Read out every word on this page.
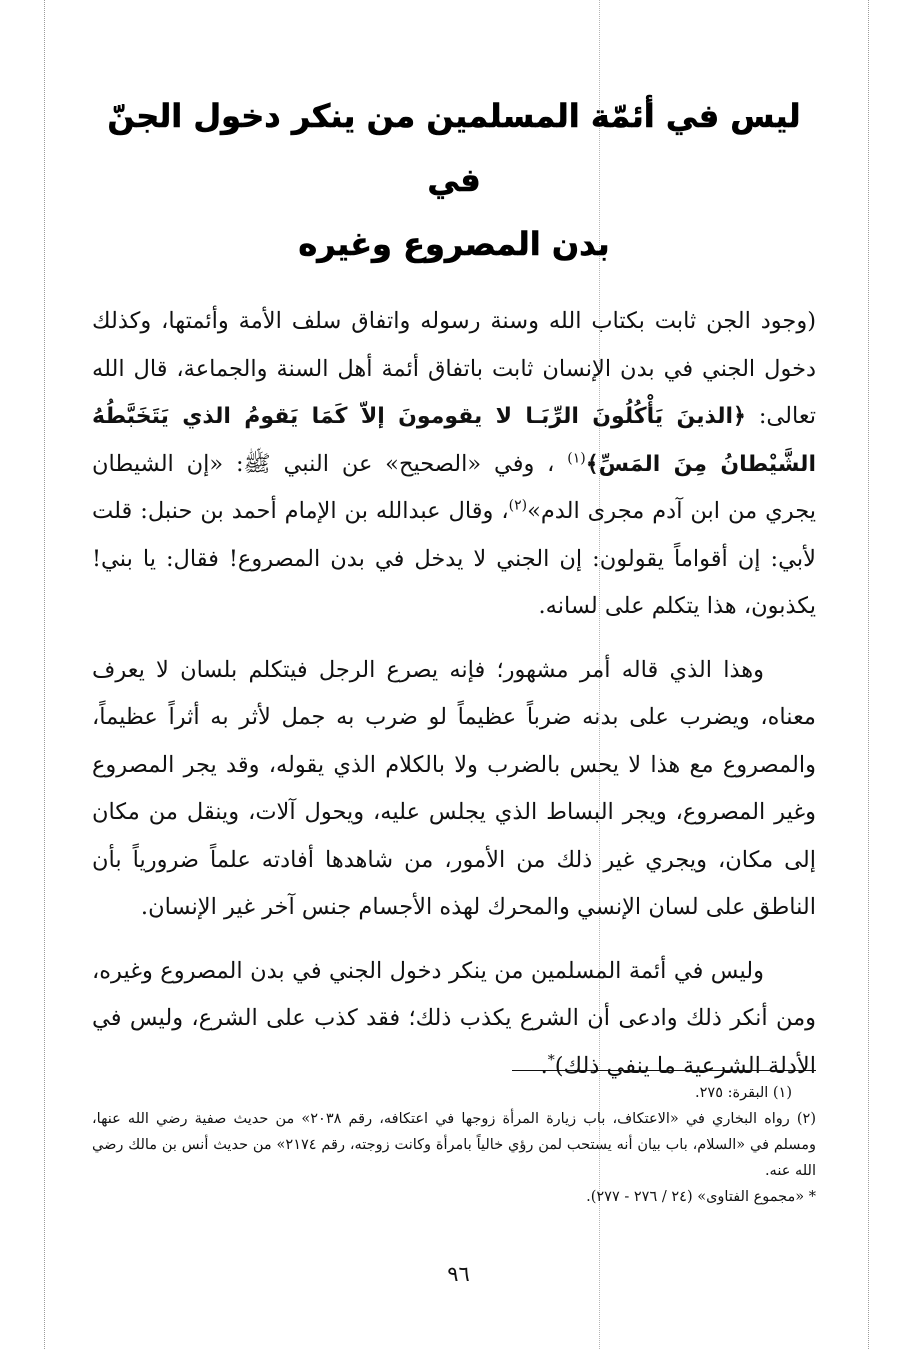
ليس في أئمّة المسلمين من ينكر دخول الجنّ في
بدن المصروع وغيره

(وجود الجن ثابت بكتاب الله وسنة رسوله واتفاق سلف الأمة وأئمتها، وكذلك دخول الجني في بدن الإنسان ثابت باتفاق أئمة أهل السنة والجماعة، قال الله تعالى: ﴿الذينَ يَأْكُلُونَ الرِّبَـا لا يقومونَ إلاّ كَمَا يَقومُ الذي يَتَخَبَّطُهُ الشَّيْطانُ مِنَ المَسِّ﴾$^{(١)}$ ، وفي «الصحيح» عن النبي ﷺ: «إن الشيطان يجري من ابن آدم مجرى الدم»$^{(٢)}$، وقال عبدالله بن الإمام أحمد بن حنبل: قلت لأبي: إن أقواماً يقولون: إن الجني لا يدخل في بدن المصروع! فقال: يا بني! يكذبون، هذا يتكلم على لسانه.

وهذا الذي قاله أمر مشهور؛ فإنه يصرع الرجل فيتكلم بلسان لا يعرف معناه، ويضرب على بدنه ضرباً عظيماً لو ضرب به جمل لأثر به أثراً عظيماً، والمصروع مع هذا لا يحس بالضرب ولا بالكلام الذي يقوله، وقد يجر المصروع وغير المصروع، ويجر البساط الذي يجلس عليه، ويحول آلات، وينقل من مكان إلى مكان، ويجري غير ذلك من الأمور، من شاهدها أفادته علماً ضرورياً بأن الناطق على لسان الإنسي والمحرك لهذه الأجسام جنس آخر غير الإنسان.

وليس في أئمة المسلمين من ينكر دخول الجني في بدن المصروع وغيره، ومن أنكر ذلك وادعى أن الشرع يكذب ذلك؛ فقد كذب على الشرع، وليس في الأدلة الشرعية ما ينفي ذلك)*.

(١) البقرة: ٢٧٥.
(٢) رواه البخاري في «الاعتكاف، باب زيارة المرأة زوجها في اعتكافه، رقم ٢٠٣٨» من حديث صفية رضي الله عنها، ومسلم في «السلام، باب بيان أنه يستحب لمن رؤي خالياً بامرأة وكانت زوجته، رقم ٢١٧٤» من حديث أنس بن مالك رضي الله عنه.
* «مجموع الفتاوى» (٢٤ / ٢٧٦ - ٢٧٧).
٩٦
